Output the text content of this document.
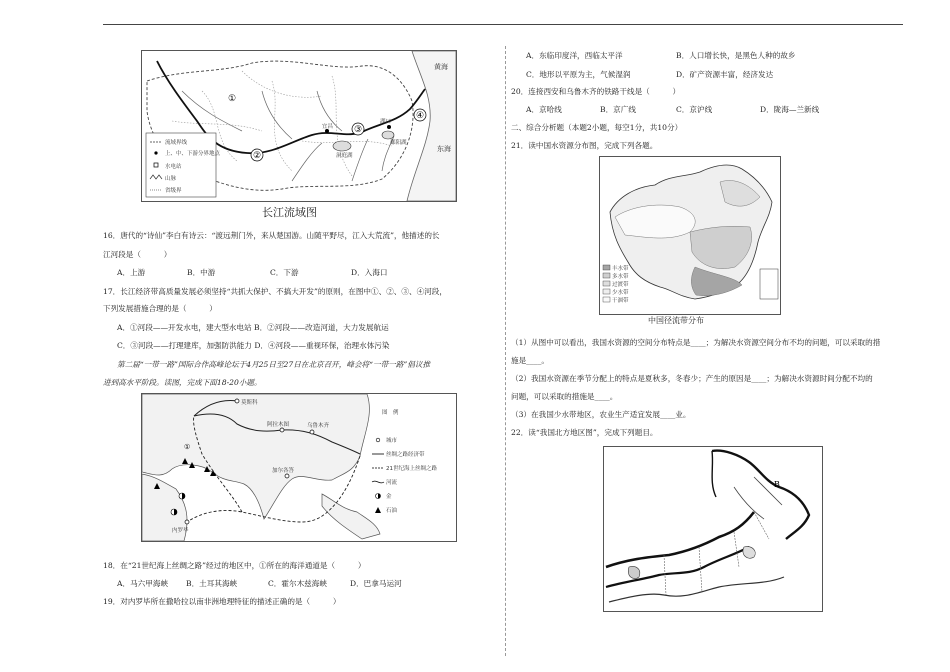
②
③
④
①
宜昌
湖口
洞庭湖
鄱阳湖
黄海
东海
流域界线
上、中、下游分界地点
水电站
山脉
省级界
长江流域图
16．唐代的“诗仙”李白有诗云：“渡远荆门外，来从楚国游。山随平野尽，江入大荒流”，他描述的长
江河段是（　　　）
A．上游	B．中游	C．下游	D．入海口
17．长江经济带高质量发展必须坚持“共抓大保护、不搞大开发”的原则，在图中①、②、③、④河段，
下列发展措施合理的是（　　　）
A．①河段——开发水电，建大型水电站 B．②河段——改造河道，大力发展航运
C．③河段——打理建库，加强防洪能力 D．④河段——重视环保，治理水体污染
第二届“一带一路”国际合作高峰论坛于4月25日至27日在北京召开，峰会将“一带一路”倡议推
进到高水平阶段。读图，完成下面18-20小题。
莫斯科
阿拉木图	乌鲁木齐
加尔各答
内罗毕
①
图　例
城市
丝绸之路经济带
21世纪海上丝绸之路
河流
金
石油
18．在“21世纪海上丝绸之路”经过的地区中，①所在的海洋通道是（　　　）
A．马六甲海峡 B．土耳其海峡	C．霍尔木兹海峡	D．巴拿马运河
19．对内罗毕所在撒哈拉以南非洲地理特征的描述正确的是（　　　）
A．东临印度洋，西临太平洋	B．人口增长快，是黑色人种的故乡
C．地形以平原为主，气候湿润	D．矿产资源丰富，经济发达
20．连接西安和乌鲁木齐的铁路干线是（　　　）
A．京哈线	B．京广线	C．京沪线	D．陇海—兰新线
二、综合分析题（本题2小题，每空1分，共10分）
21．读中国水资源分布图，完成下列各题。
丰水带
多水带
过渡带
少水带
干涸带
中国径流带分布
（1）从图中可以看出，我国水资源的空间分布特点是____；为解决水资源空间分布不均的问题，可以采取的措
施是____。
（2）我国水资源在季节分配上的特点是夏秋多，冬春少；产生的原因是____；为解决水资源时间分配不均的
问题，可以采取的措施是____。
（3）在我国少水带地区，农业生产适宜发展____业。
22．读“我国北方地区图”，完成下列题目。
B
